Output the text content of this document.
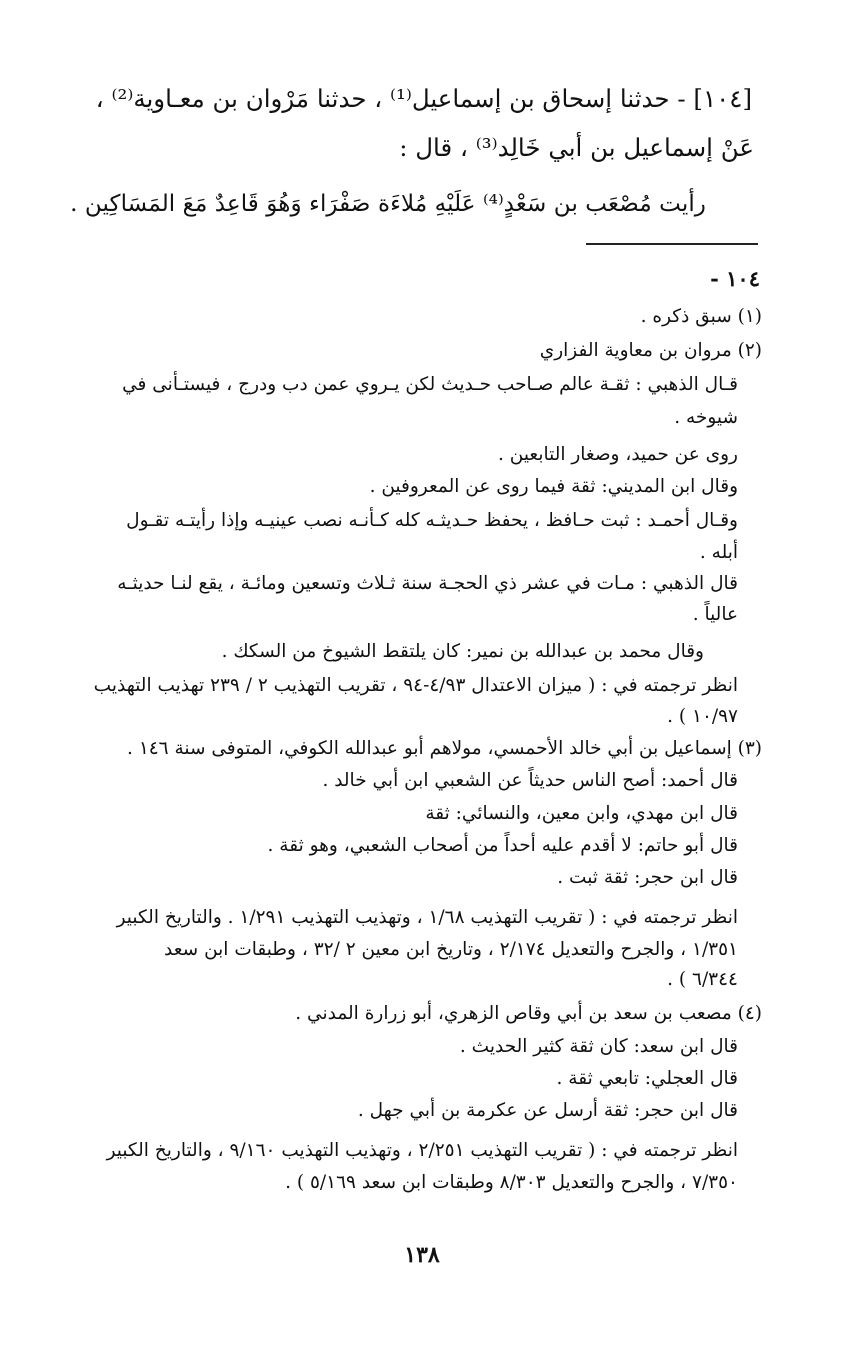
[١٠٤] - حدثنا إسحاق بن إسماعيل⁽¹⁾ ، حدثنا مَرْوان بن معـاوية⁽²⁾ ،
عَنْ إسماعيل بن أبي خَالِد⁽³⁾ ، قال :
رأيت مُصْعَب بن سَعْدٍ⁽⁴⁾ عَلَيْهِ مُلاءَة صَفْرَاء وَهُوَ قَاعِدٌ مَعَ المَسَاكِين .
١٠٤ -
(١) سبق ذكره .
(٢) مروان بن معاوية الفزاري
قـال الذهبي : ثقـة عالم صـاحب حـديث لكن يـروي عمن دب ودرج ، فيستـأنى في
شيوخه .
روى عن حميد، وصغار التابعين .
وقال ابن المديني: ثقة فيما روى عن المعروفين .
وقـال أحمـد : ثبت حـافظ ، يحفظ حـديثـه كله كـأنـه نصب عينيـه وإذا رأيتـه تقـول
أبله .
قال الذهبي : مـات في عشر ذي الحجـة سنة ثـلاث وتسعين ومائـة ، يقع لنـا حديثـه
عالياً .
وقال محمد بن عبدالله بن نمير: كان يلتقط الشيوخ من السكك .
انظر ترجمته في : ( ميزان الاعتدال ٤/٩٣-٩٤ ، تقريب التهذيب ٢ / ٢٣٩ تهذيب التهذيب
١٠/٩٧ ) .
(٣) إسماعيل بن أبي خالد الأحمسي، مولاهم أبو عبدالله الكوفي، المتوفى سنة ١٤٦ .
قال أحمد: أصح الناس حديثاً عن الشعبي ابن أبي خالد .
قال ابن مهدي، وابن معين، والنسائي: ثقة
قال أبو حاتم: لا أقدم عليه أحداً من أصحاب الشعبي، وهو ثقة .
قال ابن حجر: ثقة ثبت .
انظر ترجمته في : ( تقريب التهذيب ١/٦٨ ، وتهذيب التهذيب ١/٢٩١ . والتاريخ الكبير
١/٣٥١ ، والجرح والتعديل ٢/١٧٤ ، وتاريخ ابن معين ٢ /٣٢ ، وطبقات ابن سعد
٦/٣٤٤ ) .
(٤) مصعب بن سعد بن أبي وقاص الزهري، أبو زرارة المدني .
قال ابن سعد: كان ثقة كثير الحديث .
قال العجلي: تابعي ثقة .
قال ابن حجر: ثقة أرسل عن عكرمة بن أبي جهل .
انظر ترجمته في : ( تقريب التهذيب ٢/٢٥١ ، وتهذيب التهذيب ٩/١٦٠ ، والتاريخ الكبير
٧/٣٥٠ ، والجرح والتعديل ٨/٣٠٣ وطبقات ابن سعد ٥/١٦٩ ) .
١٣٨
